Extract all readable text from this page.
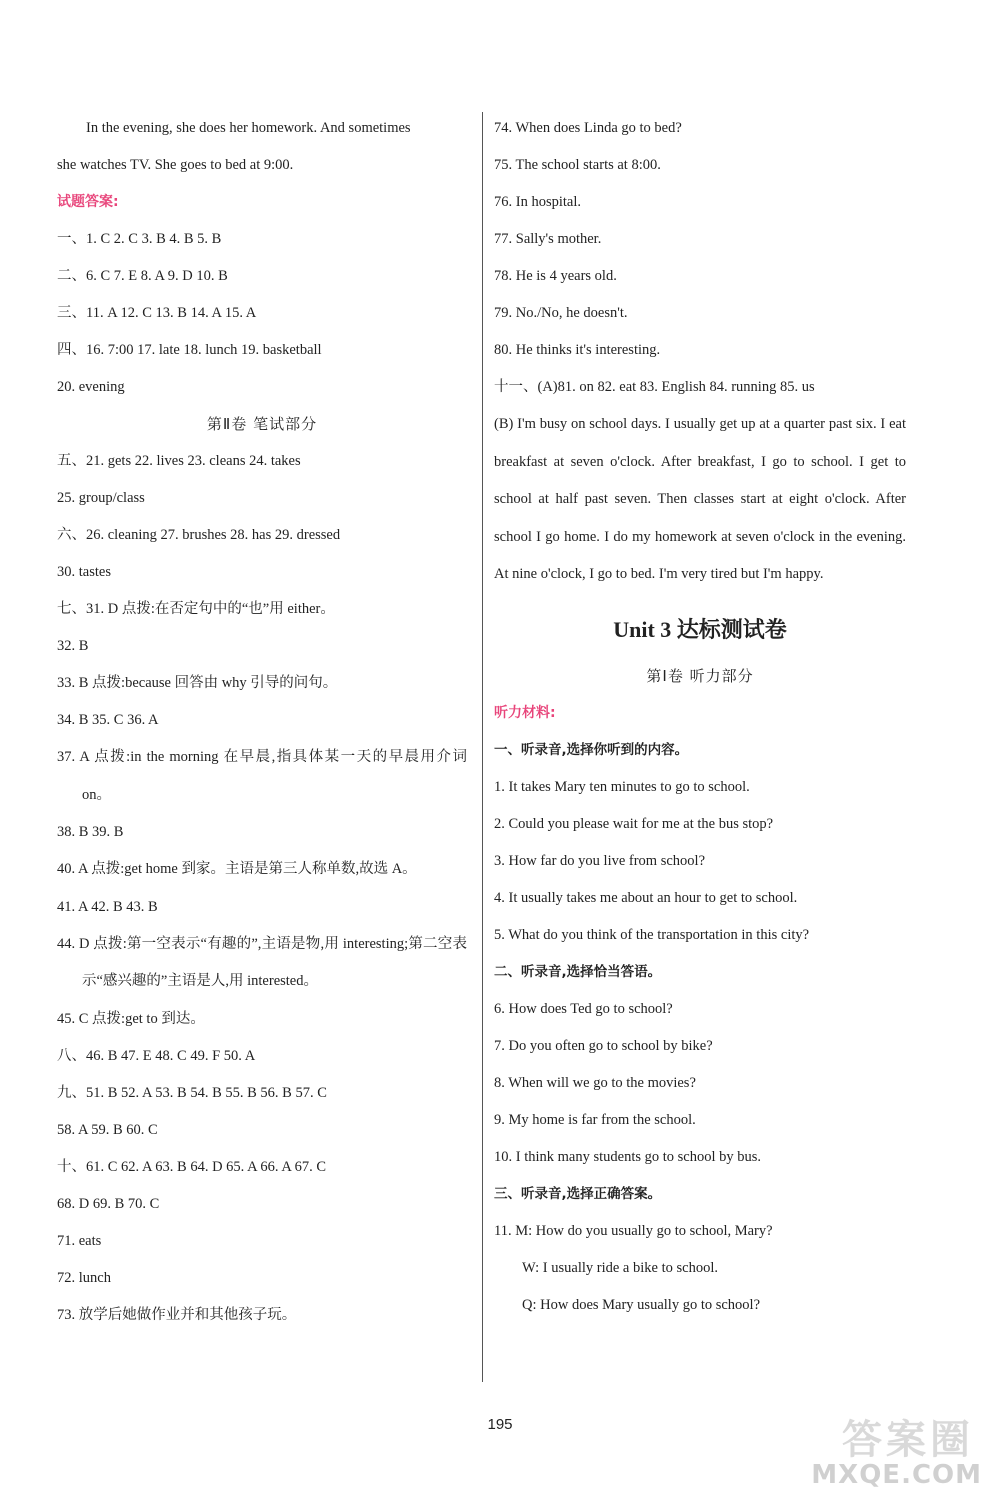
In the evening, she does her homework. And sometimes
she watches TV. She goes to bed at 9:00.
试题答案:
一、1. C 2. C 3. B 4. B 5. B
二、6. C 7. E 8. A 9. D 10. B
三、11. A 12. C 13. B 14. A 15. A
四、16. 7:00 17. late 18. lunch 19. basketball
20. evening
第Ⅱ卷 笔试部分
五、21. gets 22. lives 23. cleans 24. takes
25. group/class
六、26. cleaning 27. brushes 28. has 29. dressed
30. tastes
七、31. D 点拨:在否定句中的“也”用 either。
32. B
33. B 点拨:because 回答由 why 引导的问句。
34. B 35. C 36. A
37. A 点拨:in the morning 在早晨,指具体某一天的早晨用介词 on。
38. B 39. B
40. A 点拨:get home 到家。主语是第三人称单数,故选 A。
41. A 42. B 43. B
44. D 点拨:第一空表示“有趣的”,主语是物,用 interesting;第二空表示“感兴趣的”主语是人,用 interested。
45. C 点拨:get to 到达。
八、46. B 47. E 48. C 49. F 50. A
九、51. B 52. A 53. B 54. B 55. B 56. B 57. C
58. A 59. B 60. C
十、61. C 62. A 63. B 64. D 65. A 66. A 67. C
68. D 69. B 70. C
71. eats
72. lunch
73. 放学后她做作业并和其他孩子玩。
74. When does Linda go to bed?
75. The school starts at 8:00.
76. In hospital.
77. Sally's mother.
78. He is 4 years old.
79. No./No, he doesn't.
80. He thinks it's interesting.
十一、(A)81. on 82. eat 83. English 84. running 85. us
(B) I'm busy on school days. I usually get up at a quarter past six. I eat breakfast at seven o'clock. After breakfast, I go to school. I get to school at half past seven. Then classes start at eight o'clock. After school I go home. I do my homework at seven o'clock in the evening. At nine o'clock, I go to bed. I'm very tired but I'm happy.
Unit 3 达标测试卷
第Ⅰ卷 听力部分
听力材料:
一、听录音,选择你听到的内容。
1. It takes Mary ten minutes to go to school.
2. Could you please wait for me at the bus stop?
3. How far do you live from school?
4. It usually takes me about an hour to get to school.
5. What do you think of the transportation in this city?
二、听录音,选择恰当答语。
6. How does Ted go to school?
7. Do you often go to school by bike?
8. When will we go to the movies?
9. My home is far from the school.
10. I think many students go to school by bus.
三、听录音,选择正确答案。
11. M: How do you usually go to school, Mary?
W: I usually ride a bike to school.
Q: How does Mary usually go to school?
195	答案圈
MXQE.COM
